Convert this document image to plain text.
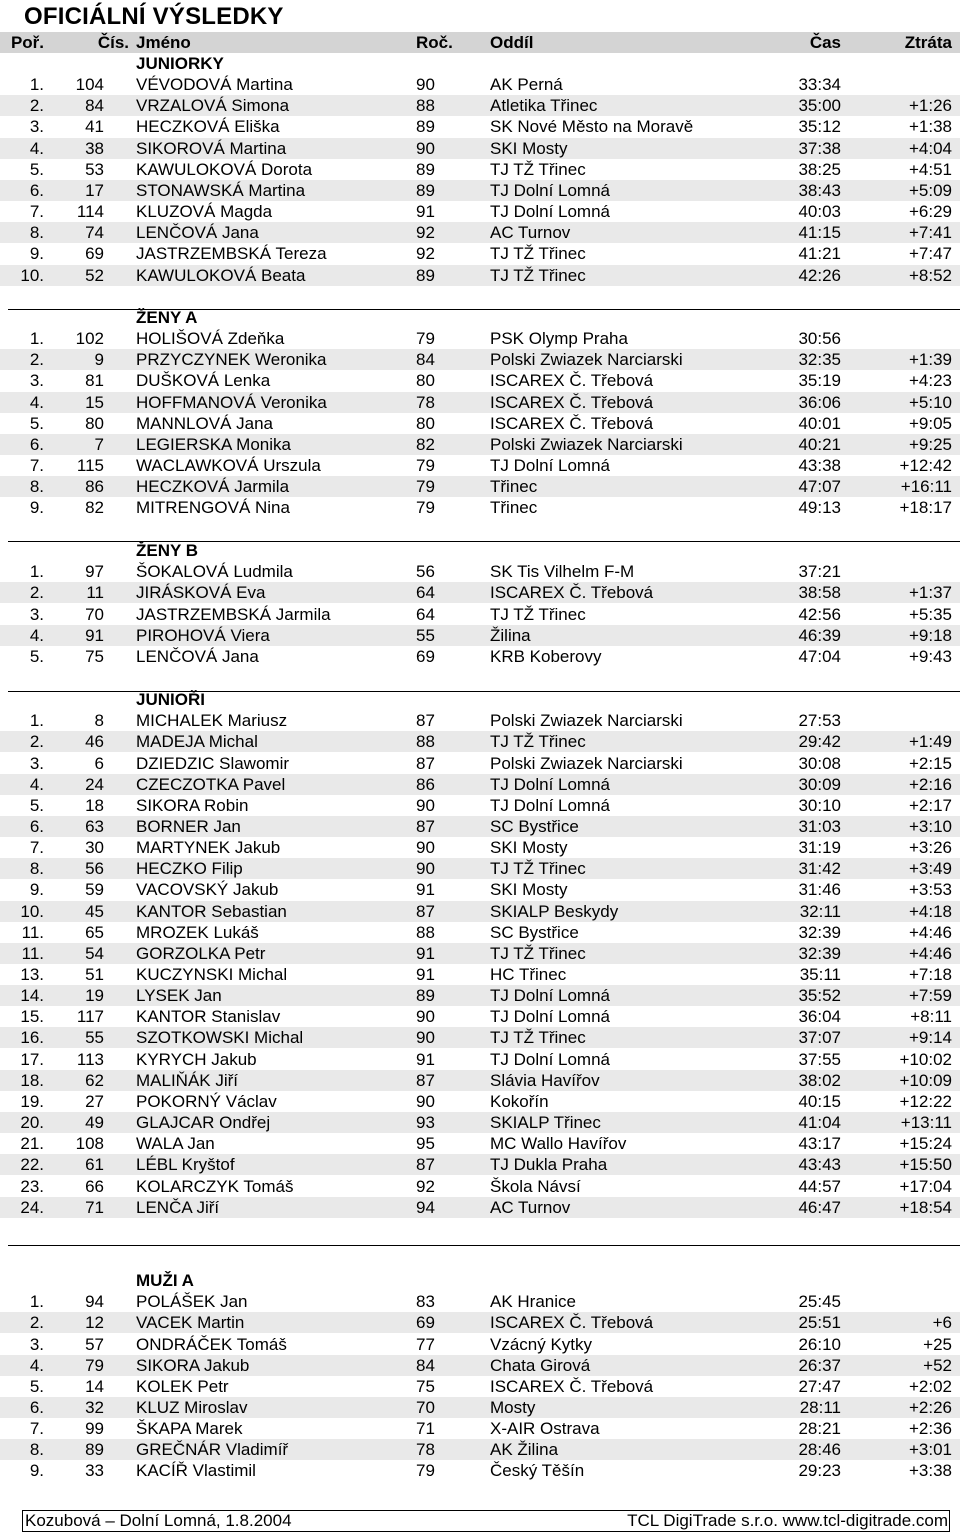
OFICIÁLNÍ VÝSLEDKY
Poř.	Čís. Jméno	Roč. Oddíl	Čas	Ztráta
JUNIORKY
1. 104 VÉVODOVÁ Martina	90	AK Perná	33:34
2. 84 VRZALOVÁ Simona	88	Atletika Třinec	35:00	+1:26
3. 41 HECZKOVÁ Eliška	89	SK Nové Město na Moravě	35:12	+1:38
4. 38 SIKOROVÁ Martina	90	SKI Mosty	37:38	+4:04
5. 53 KAWULOKOVÁ Dorota	89	TJ TŽ Třinec	38:25	+4:51
6. 17 STONAWSKÁ Martina	89	TJ Dolní Lomná	38:43	+5:09
7. 114 KLUZOVÁ Magda	91	TJ Dolní Lomná	40:03	+6:29
8. 74 LENČOVÁ Jana	92	AC Turnov	41:15	+7:41
9. 69 JASTRZEMBSKÁ Tereza	92	TJ TŽ Třinec	41:21	+7:47
10. 52 KAWULOKOVÁ Beata	89	TJ TŽ Třinec	42:26	+8:52
ŽENY A
1. 102 HOLIŠOVÁ Zdeňka	79	PSK Olymp Praha	30:56
2.	9 PRZYCZYNEK Weronika	84	Polski Zwiazek Narciarski	32:35	+1:39
3. 81 DUŠKOVÁ Lenka	80	ISCAREX Č. Třebová	35:19	+4:23
4. 15 HOFFMANOVÁ Veronika	78	ISCAREX Č. Třebová	36:06	+5:10
5. 80 MANNLOVÁ Jana	80	ISCAREX Č. Třebová	40:01	+9:05
6.	7 LEGIERSKA Monika	82	Polski Zwiazek Narciarski	40:21	+9:25
7. 115 WACLAWKOVÁ Urszula	79	TJ Dolní Lomná	43:38	+12:42
8. 86 HECZKOVÁ Jarmila	79	Třinec	47:07	+16:11
9. 82 MITRENGOVÁ Nina	79	Třinec	49:13	+18:17
ŽENY B
1. 97 ŠOKALOVÁ Ludmila	56	SK Tis Vilhelm F-M	37:21
2. 11 JIRÁSKOVÁ Eva	64	ISCAREX Č. Třebová	38:58	+1:37
3. 70 JASTRZEMBSKÁ Jarmila	64	TJ TŽ Třinec	42:56	+5:35
4. 91 PIROHOVÁ Viera	55	Žilina	46:39	+9:18
5. 75 LENČOVÁ Jana	69	KRB Koberovy	47:04	+9:43
JUNIOŘI
1.	8 MICHALEK Mariusz	87	Polski Zwiazek Narciarski	27:53
2. 46 MADEJA Michal	88	TJ TŽ Třinec	29:42	+1:49
3.	6 DZIEDZIC Slawomir	87	Polski Zwiazek Narciarski	30:08	+2:15
4. 24 CZECZOTKA Pavel	86	TJ Dolní Lomná	30:09	+2:16
5. 18 SIKORA Robin	90	TJ Dolní Lomná	30:10	+2:17
6. 63 BORNER Jan	87	SC Bystřice	31:03	+3:10
7. 30 MARTYNEK Jakub	90	SKI Mosty	31:19	+3:26
8. 56 HECZKO Filip	90	TJ TŽ Třinec	31:42	+3:49
9. 59 VACOVSKÝ Jakub	91	SKI Mosty	31:46	+3:53
10. 45 KANTOR Sebastian	87	SKIALP Beskydy	32:11	+4:18
11. 65 MROZEK Lukáš	88	SC Bystřice	32:39	+4:46
11. 54 GORZOLKA Petr	91	TJ TŽ Třinec	32:39	+4:46
13. 51 KUCZYNSKI Michal	91	HC Třinec	35:11	+7:18
14. 19 LYSEK Jan	89	TJ Dolní Lomná	35:52	+7:59
15. 117 KANTOR Stanislav	90	TJ Dolní Lomná	36:04	+8:11
16. 55 SZOTKOWSKI Michal	90	TJ TŽ Třinec	37:07	+9:14
17. 113 KYRYCH Jakub	91	TJ Dolní Lomná	37:55	+10:02
18. 62 MALIŇÁK Jiří	87	Slávia Havířov	38:02	+10:09
19. 27 POKORNÝ Václav	90	Kokořín	40:15	+12:22
20. 49 GLAJCAR Ondřej	93	SKIALP Třinec	41:04	+13:11
21. 108 WALA Jan	95	MC Wallo Havířov	43:17	+15:24
22. 61 LÉBL Kryštof	87	TJ Dukla Praha	43:43	+15:50
23. 66 KOLARCZYK Tomáš	92	Škola Návsí	44:57	+17:04
24. 71 LENČA Jiří	94	AC Turnov	46:47	+18:54
MUŽI A
1. 94 POLÁŠEK Jan	83	AK Hranice	25:45
2. 12 VACEK Martin	69	ISCAREX Č. Třebová	25:51	+6
3. 57 ONDRÁČEK Tomáš	77	Vzácný Kytky	26:10	+25
4. 79 SIKORA Jakub	84	Chata Girová	26:37	+52
5. 14 KOLEK Petr	75	ISCAREX Č. Třebová	27:47	+2:02
6. 32 KLUZ Miroslav	70	Mosty	28:11	+2:26
7. 99 ŠKAPA Marek	71	X-AIR Ostrava	28:21	+2:36
8. 89 GREČNÁR Vladimíř	78	AK Žilina	28:46	+3:01
9. 33 KACÍŘ Vlastimil	79	Český Těšín	29:23	+3:38
Kozubová – Dolní Lomná, 1.8.2004	TCL DigiTrade s.r.o. www.tcl-digitrade.com
